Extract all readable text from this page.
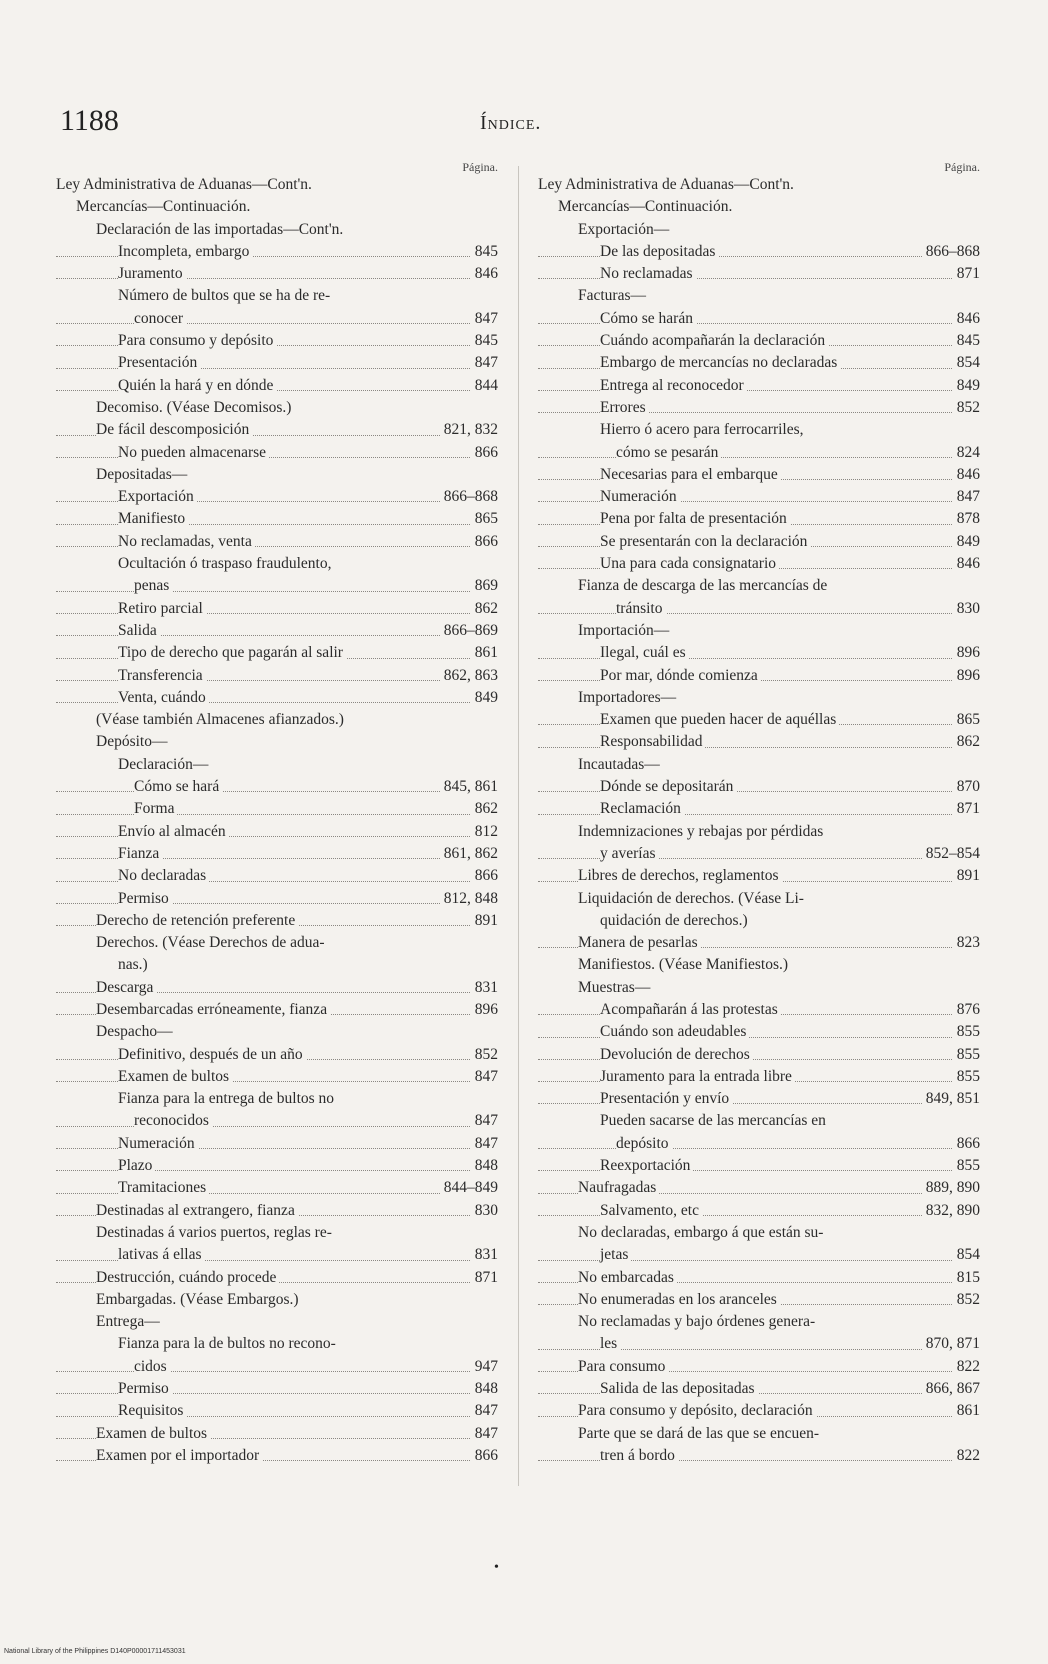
1188	Índice.
Página.
Ley Administrativa de Aduanas—Cont'n.
Mercancías—Continuación.
Declaración de las importadas—Cont'n.
Incompleta, embargo	845
Juramento	846
Número de bultos que se ha de re-
conocer	847
Para consumo y depósito	845
Presentación	847
Quién la hará y en dónde	844
Decomiso. (Véase Decomisos.)
De fácil descomposición	821, 832
No pueden almacenarse	866
Depositadas—
Exportación	866–868
Manifiesto	865
No reclamadas, venta	866
Ocultación ó traspaso fraudulento,
penas	869
Retiro parcial	862
Salida	866–869
Tipo de derecho que pagarán al salir	861
Transferencia	862, 863
Venta, cuándo	849
(Véase también Almacenes afianzados.)
Depósito—
Declaración—
Cómo se hará	845, 861
Forma	862
Envío al almacén	812
Fianza	861, 862
No declaradas	866
Permiso	812, 848
Derecho de retención preferente	891
Derechos. (Véase Derechos de adua-
nas.)
Descarga	831
Desembarcadas erróneamente, fianza	896
Despacho—
Definitivo, después de un año	852
Examen de bultos	847
Fianza para la entrega de bultos no
reconocidos	847
Numeración	847
Plazo	848
Tramitaciones	844–849
Destinadas al extrangero, fianza	830
Destinadas á varios puertos, reglas re-
lativas á ellas	831
Destrucción, cuándo procede	871
Embargadas. (Véase Embargos.)
Entrega—
Fianza para la de bultos no recono-
cidos	947
Permiso	848
Requisitos	847
Examen de bultos	847
Examen por el importador	866
Página.
Ley Administrativa de Aduanas—Cont'n.
Mercancías—Continuación.
Exportación—
De las depositadas	866–868
No reclamadas	871
Facturas—
Cómo se harán	846
Cuándo acompañarán la declaración	845
Embargo de mercancías no declaradas	854
Entrega al reconocedor	849
Errores	852
Hierro ó acero para ferrocarriles,
cómo se pesarán	824
Necesarias para el embarque	846
Numeración	847
Pena por falta de presentación	878
Se presentarán con la declaración	849
Una para cada consignatario	846
Fianza de descarga de las mercancías de
tránsito	830
Importación—
Ilegal, cuál es	896
Por mar, dónde comienza	896
Importadores—
Examen que pueden hacer de aquéllas	865
Responsabilidad	862
Incautadas—
Dónde se depositarán	870
Reclamación	871
Indemnizaciones y rebajas por pérdidas
y averías	852–854
Libres de derechos, reglamentos	891
Liquidación de derechos. (Véase Li-
quidación de derechos.)
Manera de pesarlas	823
Manifiestos. (Véase Manifiestos.)
Muestras—
Acompañarán á las protestas	876
Cuándo son adeudables	855
Devolución de derechos	855
Juramento para la entrada libre	855
Presentación y envío	849, 851
Pueden sacarse de las mercancías en
depósito	866
Reexportación	855
Naufragadas	889, 890
Salvamento, etc	832, 890
No declaradas, embargo á que están su-
jetas	854
No embarcadas	815
No enumeradas en los aranceles	852
No reclamadas y bajo órdenes genera-
les	870, 871
Para consumo	822
Salida de las depositadas	866, 867
Para consumo y depósito, declaración	861
Parte que se dará de las que se encuen-
tren á bordo	822
•
National Library of the Philippines D140P00001711453031
